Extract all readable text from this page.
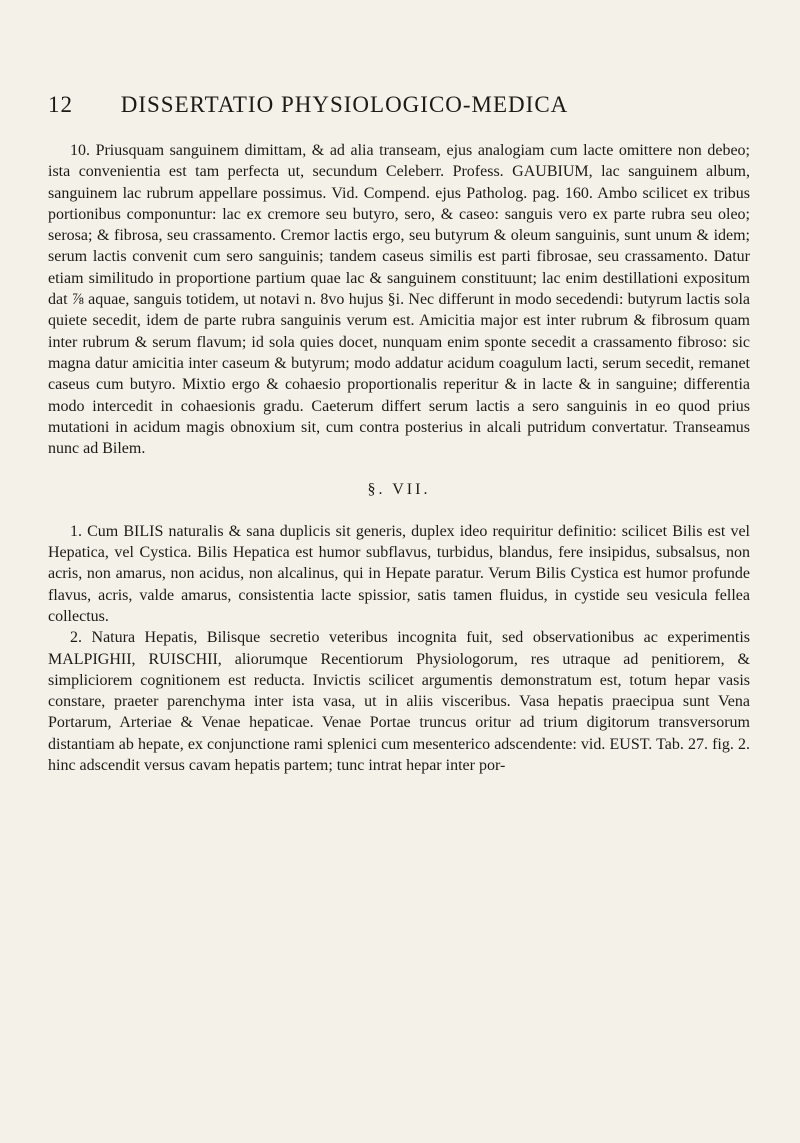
12 DISSERTATIO PHYSIOLOGICO-MEDICA

10. Priusquam sanguinem dimittam, & ad alia transeam, ejus analogiam cum lacte omittere non debeo; ista convenientia est tam perfecta ut, secundum Celeberr. Profess. GAUBIUM, lac sanguinem album, sanguinem lac rubrum appellare possimus. Vid. Compend. ejus Patholog. pag. 160. Ambo scilicet ex tribus portionibus componuntur: lac ex cremore seu butyro, sero, & caseo: sanguis vero ex parte rubra seu oleo; serosa; & fibrosa, seu crassamento. Cremor lactis ergo, seu butyrum & oleum sanguinis, sunt unum & idem; serum lactis convenit cum sero sanguinis; tandem caseus similis est parti fibrosae, seu crassamento. Datur etiam similitudo in proportione partium quae lac & sanguinem constituunt; lac enim destillationi expositum dat ⅞ aquae, sanguis totidem, ut notavi n. 8vo hujus §i. Nec differunt in modo secedendi: butyrum lactis sola quiete secedit, idem de parte rubra sanguinis verum est. Amicitia major est inter rubrum & fibrosum quam inter rubrum & serum flavum; id sola quies docet, nunquam enim sponte secedit a crassamento fibroso: sic magna datur amicitia inter caseum & butyrum; modo addatur acidum coagulum lacti, serum secedit, remanet caseus cum butyro. Mixtio ergo & cohaesio proportionalis reperitur & in lacte & in sanguine; differentia modo intercedit in cohaesionis gradu. Caeterum differt serum lactis a sero sanguinis in eo quod prius mutationi in acidum magis obnoxium sit, cum contra posterius in alcali putridum convertatur. Transeamus nunc ad Bilem.

§. VII.

1. Cum BILIS naturalis & sana duplicis sit generis, duplex ideo requiritur definitio: scilicet Bilis est vel Hepatica, vel Cystica. Bilis Hepatica est humor subflavus, turbidus, blandus, fere insipidus, subsalsus, non acris, non amarus, non acidus, non alcalinus, qui in Hepate paratur. Verum Bilis Cystica est humor profunde flavus, acris, valde amarus, consistentia lacte spissior, satis tamen fluidus, in cystide seu vesicula fellea collectus.

2. Natura Hepatis, Bilisque secretio veteribus incognita fuit, sed observationibus ac experimentis MALPIGHII, RUISCHII, aliorumque Recentiorum Physiologorum, res utraque ad penitiorem, & simpliciorem cognitionem est reducta. Invictis scilicet argumentis demonstratum est, totum hepar vasis constare, praeter parenchyma inter ista vasa, ut in aliis visceribus. Vasa hepatis praecipua sunt Vena Portarum, Arteriae & Venae hepaticae. Venae Portae truncus oritur ad trium digitorum transversorum distantiam ab hepate, ex conjunctione rami splenici cum mesenterico adscendente: vid. EUST. Tab. 27. fig. 2. hinc adscendit versus cavam hepatis partem; tunc intrat hepar inter por-
